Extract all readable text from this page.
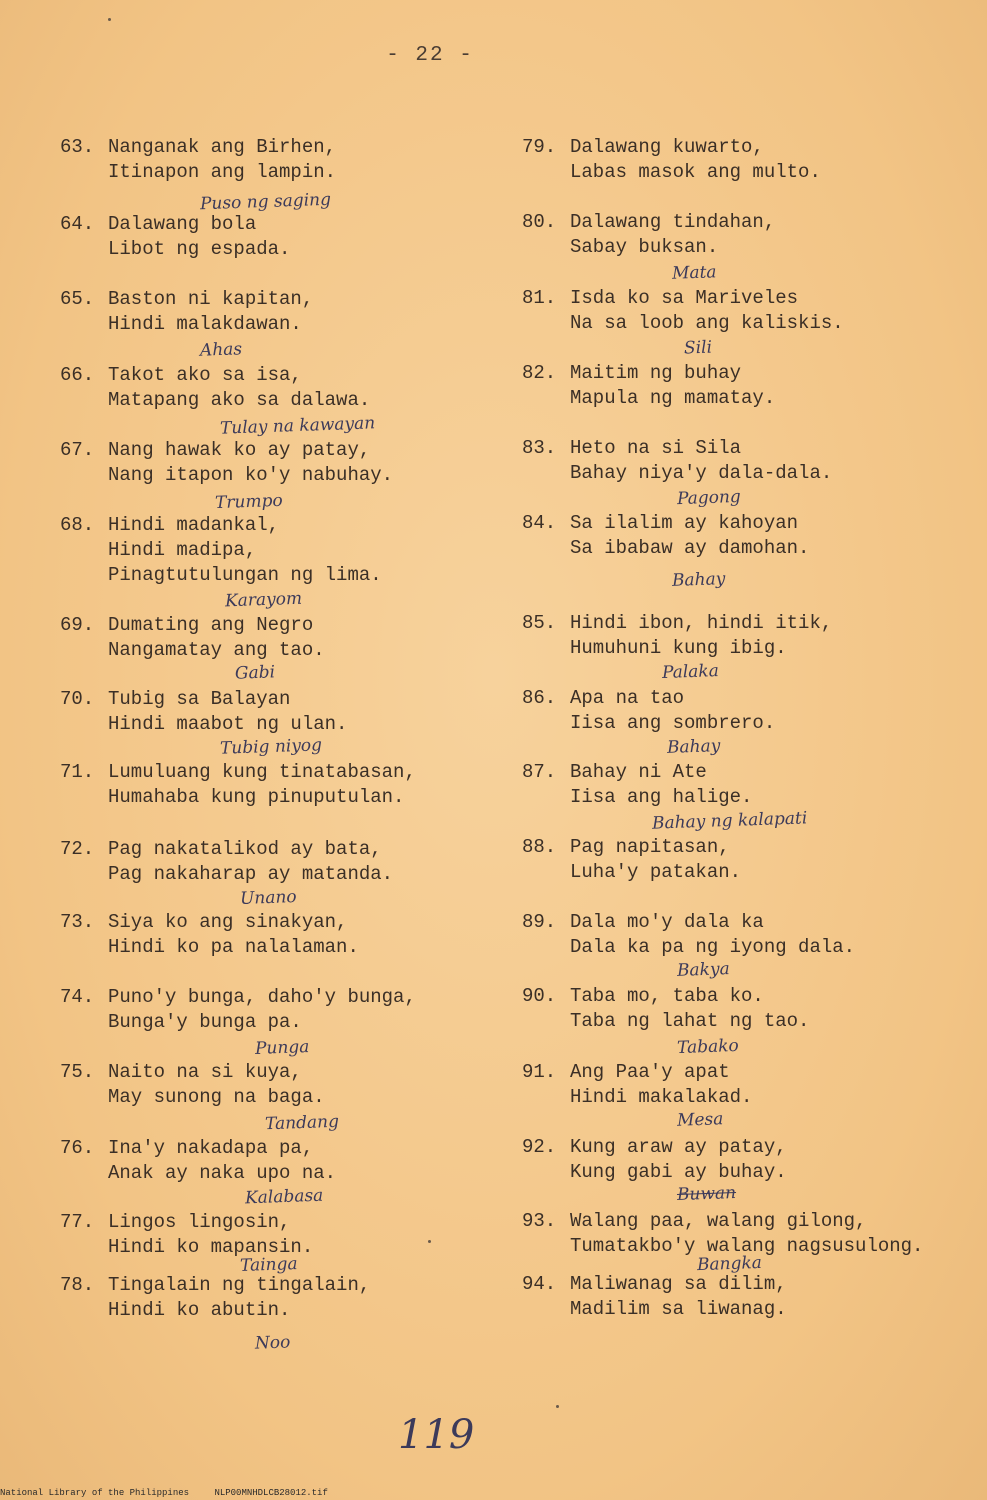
- 22 -
63. Nanganak ang Birhen,
Itinapon ang lampin.
Puso ng saging
64. Dalawang bola
Libot ng espada.
65. Baston ni kapitan,
Hindi malakdawan.
Ahas
66. Takot ako sa isa,
Matapang ako sa dalawa.
Tulay na kawayan
67. Nang hawak ko ay patay,
Nang itapon ko'y nabuhay.
Trumpo
68. Hindi madankal,
Hindi madipa,
Pinagtutulungan ng lima.
Karayom
69. Dumating ang Negro
Nangamatay ang tao.
Gabi
70. Tubig sa Balayan
Hindi maabot ng ulan.
Tubig niyog
71. Lumuluang kung tinatabasan,
Humahaba kung pinuputulan.
72. Pag nakatalikod ay bata,
Pag nakaharap ay matanda.
Unano
73. Siya ko ang sinakyan,
Hindi ko pa nalalaman.
74. Puno'y bunga, daho'y bunga,
Bunga'y bunga pa.
Punga
75. Naito na si kuya,
May sunong na baga.
Tandang
76. Ina'y nakadapa pa,
Anak ay naka upo na.
Kalabasa
77. Lingos lingosin,
Hindi ko mapansin.
Tainga
78. Tingalain ng tingalain,
Hindi ko abutin.
Noo
79. Dalawang kuwarto,
Labas masok ang multo.
80. Dalawang tindahan,
Sabay buksan.
Mata
81. Isda ko sa Mariveles
Na sa loob ang kaliskis.
Sili
82. Maitim ng buhay
Mapula ng mamatay.
83. Heto na si Sila
Bahay niya'y dala-dala.
Pagong
84. Sa ilalim ay kahoyan
Sa ibabaw ay damohan.
Bahay
85. Hindi ibon, hindi itik,
Humuhuni kung ibig.
Palaka
86. Apa na tao
Iisa ang sombrero.
Bahay
87. Bahay ni Ate
Iisa ang halige.
Bahay ng kalapati
88. Pag napitasan,
Luha'y patakan.
89. Dala mo'y dala ka
Dala ka pa ng iyong dala.
Bakya
90. Taba mo, taba ko.
Taba ng lahat ng tao.
Tabako
91. Ang Paa'y apat
Hindi makalakad.
Mesa
92. Kung araw ay patay,
Kung gabi ay buhay.
Buwan
93. Walang paa, walang gilong,
Tumatakbo'y walang nagsusulong.
Bangka
94. Maliwanag sa dilim,
Madilim sa liwanag.
119
National Library of the Philippines	NLP00MNHDLCB28012.tif
